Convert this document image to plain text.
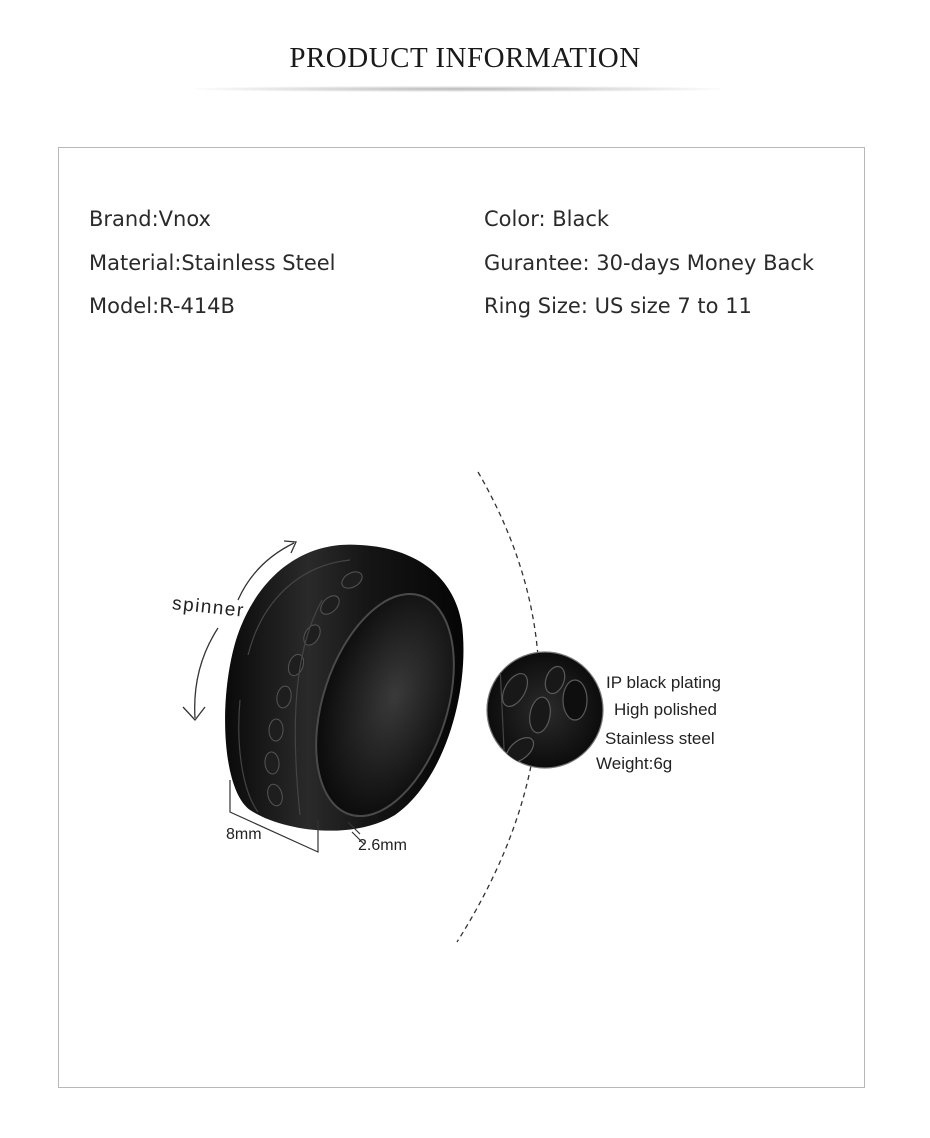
PRODUCT INFORMATION
Brand:Vnox
Material:Stainless Steel
Model:R-414B
Color: Black
Gurantee: 30-days Money Back
Ring Size: US size 7 to 11
spinner
8mm
2.6mm
IP black plating
High polished
Stainless steel
Weight:6g
